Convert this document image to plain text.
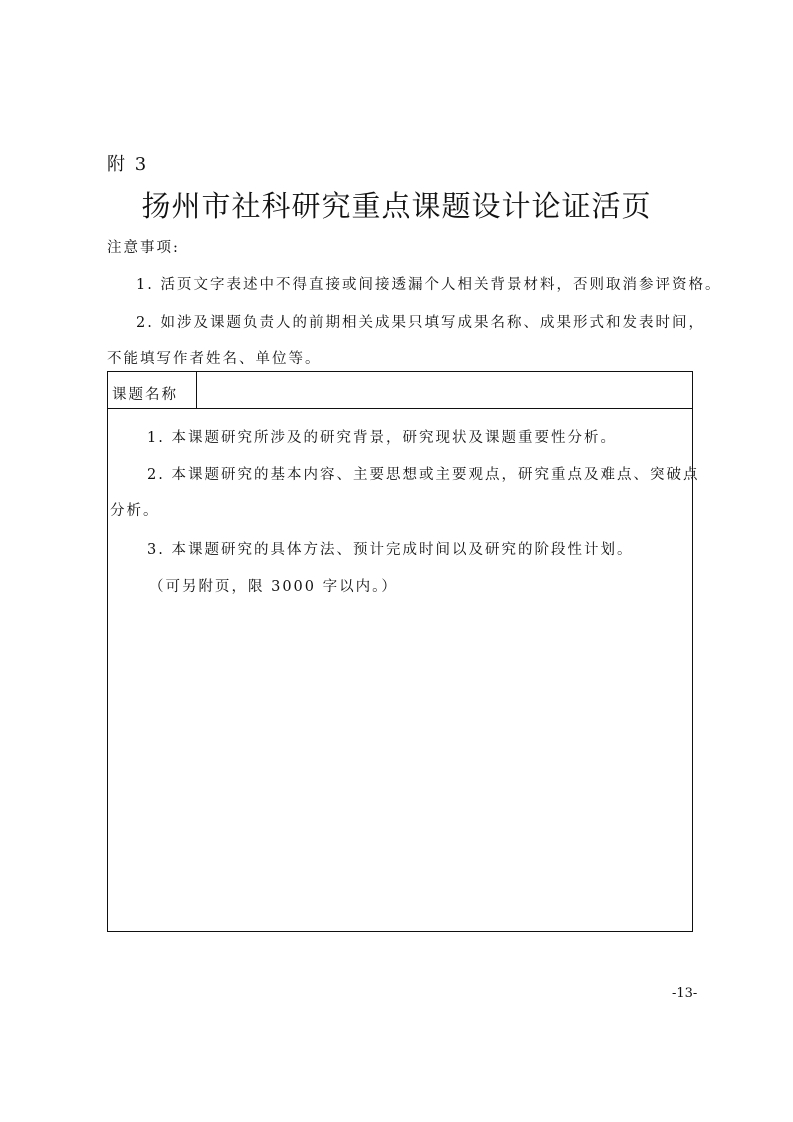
附 3
扬州市社科研究重点课题设计论证活页
注意事项:
1. 活页文字表述中不得直接或间接透漏个人相关背景材料，否则取消参评资格。
2. 如涉及课题负责人的前期相关成果只填写成果名称、成果形式和发表时间，
不能填写作者姓名、单位等。
课题名称
1. 本课题研究所涉及的研究背景，研究现状及课题重要性分析。
2. 本课题研究的基本内容、主要思想或主要观点，研究重点及难点、突破点
分析。
3. 本课题研究的具体方法、预计完成时间以及研究的阶段性计划。
（可另附页，限 3000 字以内。）
-13-
